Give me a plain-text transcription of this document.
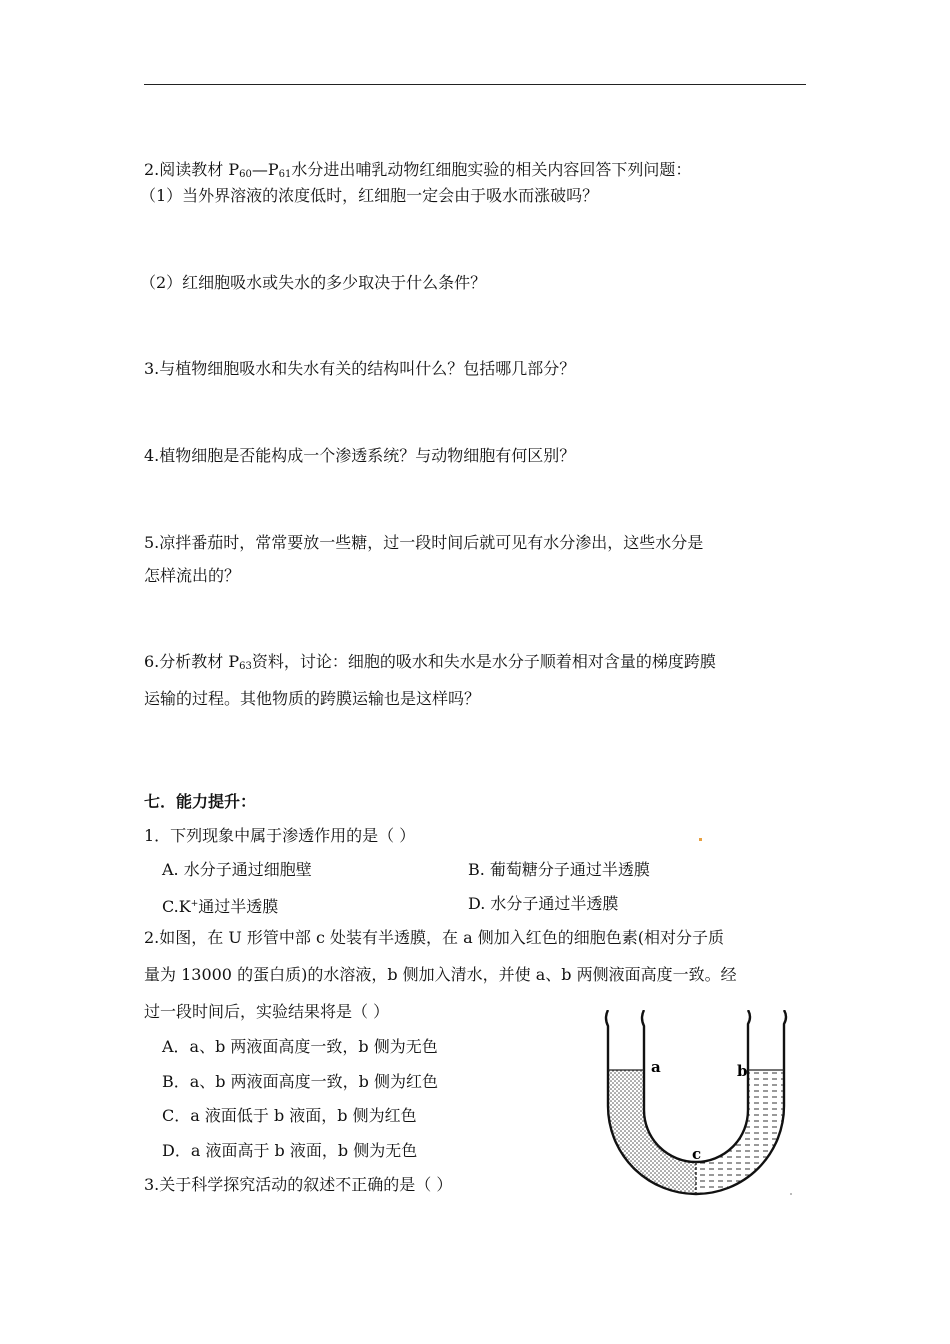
2.阅读教材 $P_{60}—P_{61}$水分进出哺乳动物红细胞实验的相关内容回答下列问题：
（1）当外界溶液的浓度低时，红细胞一定会由于吸水而涨破吗？
（2）红细胞吸水或失水的多少取决于什么条件？
3.与植物细胞吸水和失水有关的结构叫什么？包括哪几部分？
4.植物细胞是否能构成一个渗透系统？与动物细胞有何区别？
5.凉拌番茄时，常常要放一些糖，过一段时间后就可见有水分渗出，这些水分是
怎样流出的？
6.分析教材 $P_{63}$资料，讨论：细胞的吸水和失水是水分子顺着相对含量的梯度跨膜
运输的过程。其他物质的跨膜运输也是这样吗？
七．能力提升：
1．下列现象中属于渗透作用的是（ ）
A. 水分子通过细胞壁	B. 葡萄糖分子通过半透膜
C.K+通过半透膜	D. 水分子通过半透膜
2.如图，在 U 形管中部 c 处装有半透膜，在 a 侧加入红色的细胞色素(相对分子质
量为 13000 的蛋白质)的水溶液，b 侧加入清水，并使 a、b 两侧液面高度一致。经
过一段时间后，实验结果将是（ ）
A．a、b 两液面高度一致，b 侧为无色
B．a、b 两液面高度一致，b 侧为红色
C．a 液面低于 b 液面，b 侧为红色
D．a 液面高于 b 液面，b 侧为无色
3.关于科学探究活动的叙述不正确的是（ ）
a	b
c
